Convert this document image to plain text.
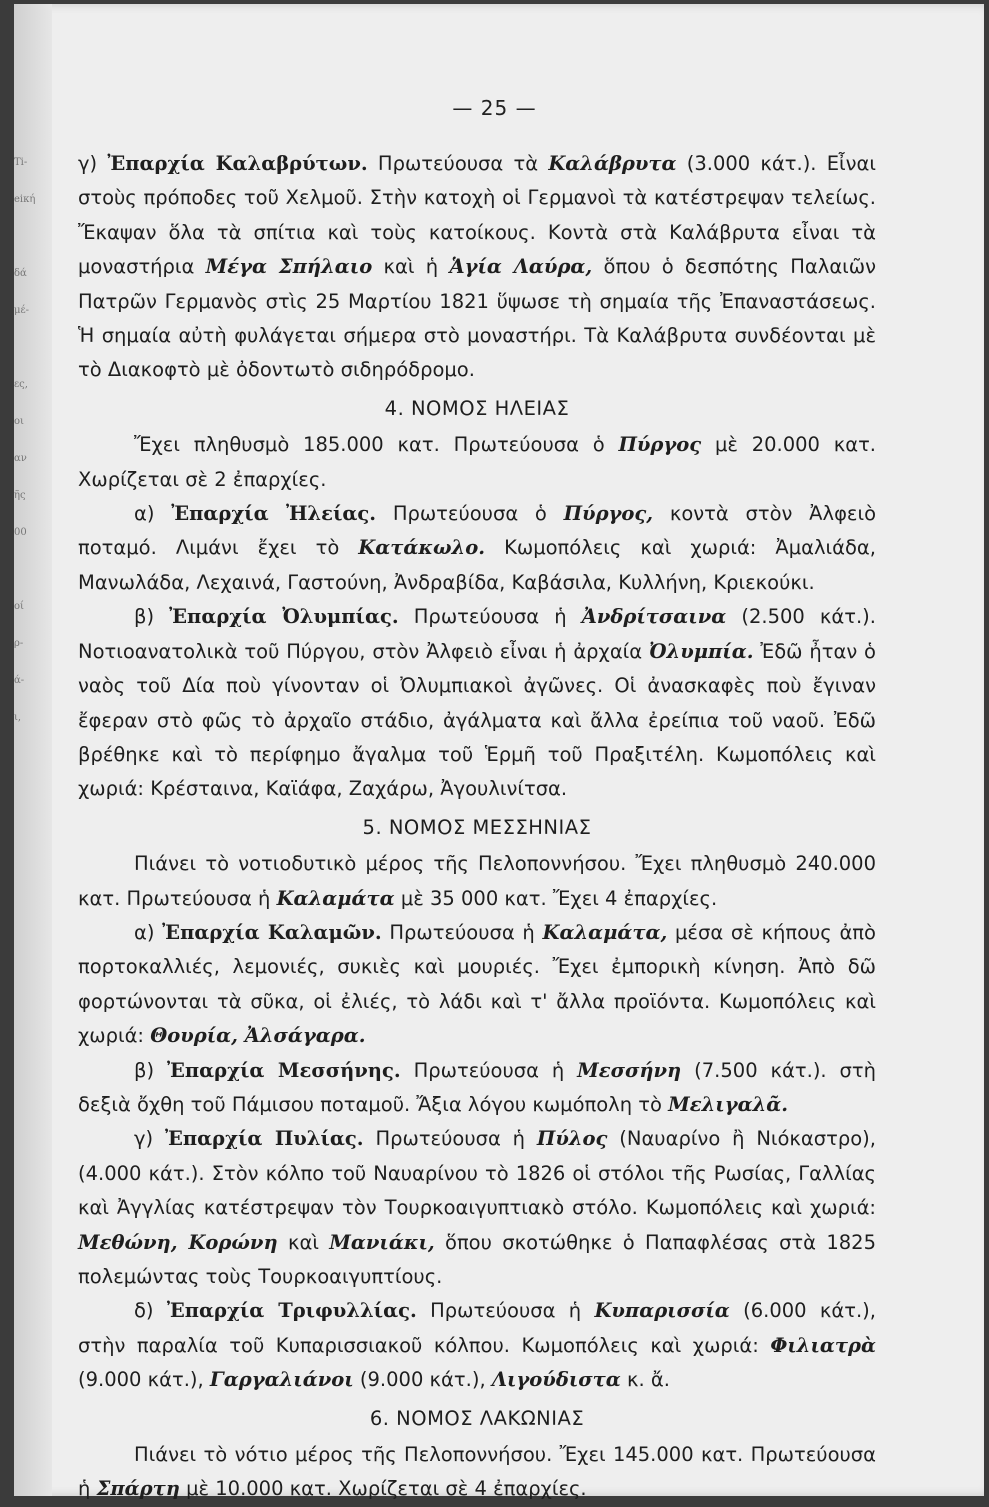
Ti-
eiκή

δά
μέ-

ες,
οι
αν
ῆς
00

οί
ρ-
ά-
ι,
— 25 —

γ) Ἐπαρχία Καλαβρύτων. Πρωτεύουσα τὰ Καλάβρυτα (3.000 κάτ.). Εἶναι στοὺς πρόποδες τοῦ Χελμοῦ. Στὴν κατοχὴ οἱ Γερμανοὶ τὰ κατέστρεψαν τελείως. Ἔκαψαν ὅλα τὰ σπίτια καὶ τοὺς κατοίκους. Κοντὰ στὰ Καλάβρυτα εἶναι τὰ μοναστήρια Μέγα Σπήλαιο καὶ ἡ Ἁγία Λαύρα, ὅπου ὁ δεσπότης Παλαιῶν Πατρῶν Γερμανὸς στὶς 25 Μαρτίου 1821 ὕψωσε τὴ σημαία τῆς Ἐπαναστάσεως. Ἡ σημαία αὐτὴ φυλάγεται σήμερα στὸ μοναστήρι. Τὰ Καλάβρυτα συνδέονται μὲ τὸ Διακοφτὸ μὲ ὀδοντωτὸ σιδηρόδρομο.

4. ΝΟΜΟΣ ΗΛΕΙΑΣ

Ἔχει πληθυσμὸ 185.000 κατ. Πρωτεύουσα ὁ Πύργος μὲ 20.000 κατ. Χωρίζεται σὲ 2 ἐπαρχίες.

α) Ἐπαρχία Ἠλείας. Πρωτεύουσα ὁ Πύργος, κοντὰ στὸν Ἀλφειὸ ποταμό. Λιμάνι ἔχει τὸ Κατάκωλο. Κωμοπόλεις καὶ χωριά: Ἀμαλιάδα, Μανωλάδα, Λεχαινά, Γαστούνη, Ἀνδραβίδα, Καβάσιλα, Κυλλήνη, Κριεκούκι.

β) Ἐπαρχία Ὀλυμπίας. Πρωτεύουσα ἡ Ἀνδρίτσαινα (2.500 κάτ.). Νοτιοανατολικὰ τοῦ Πύργου, στὸν Ἀλφειὸ εἶναι ἡ ἀρχαία Ὀλυμπία. Ἐδῶ ἦταν ὁ ναὸς τοῦ Δία ποὺ γίνονταν οἱ Ὀλυμπιακοὶ ἀγῶνες. Οἱ ἀνασκαφὲς ποὺ ἔγιναν ἔφεραν στὸ φῶς τὸ ἀρχαῖο στάδιο, ἀγάλματα καὶ ἄλλα ἐρείπια τοῦ ναοῦ. Ἐδῶ βρέθηκε καὶ τὸ περίφημο ἄγαλμα τοῦ Ἑρμῆ τοῦ Πραξιτέλη. Κωμοπόλεις καὶ χωριά: Κρέσταινα, Καϊάφα, Ζαχάρω, Ἀγουλινίτσα.

5. ΝΟΜΟΣ ΜΕΣΣΗΝΙΑΣ

Πιάνει τὸ νοτιοδυτικὸ μέρος τῆς Πελοποννήσου. Ἔχει πληθυσμὸ 240.000 κατ. Πρωτεύουσα ἡ Καλαμάτα μὲ 35 000 κατ. Ἔχει 4 ἐπαρχίες.

α) Ἐπαρχία Καλαμῶν. Πρωτεύουσα ἡ Καλαμάτα, μέσα σὲ κήπους ἀπὸ πορτοκαλλιές, λεμονιές, συκιὲς καὶ μουριές. Ἔχει ἐμπορικὴ κίνηση. Ἀπὸ δῶ φορτώνονται τὰ σῦκα, οἱ ἐλιές, τὸ λάδι καὶ τ' ἄλλα προϊόντα. Κωμοπόλεις καὶ χωριά: Θουρία, Ἀλσάγαρα.

β) Ἐπαρχία Μεσσήνης. Πρωτεύουσα ἡ Μεσσήνη (7.500 κάτ.). στὴ δεξιὰ ὄχθη τοῦ Πάμισου ποταμοῦ. Ἄξια λόγου κωμόπολη τὸ Μελιγαλᾶ.

γ) Ἐπαρχία Πυλίας. Πρωτεύουσα ἡ Πύλος (Ναυαρίνο ἢ Νιόκαστρο), (4.000 κάτ.). Στὸν κόλπο τοῦ Ναυαρίνου τὸ 1826 οἱ στόλοι τῆς Ρωσίας, Γαλλίας καὶ Ἀγγλίας κατέστρεψαν τὸν Τουρκοαιγυπτιακὸ στόλο. Κωμοπόλεις καὶ χωριά: Μεθώνη, Κορώνη καὶ Μανιάκι, ὅπου σκοτώθηκε ὁ Παπαφλέσας στὰ 1825 πολεμώντας τοὺς Τουρκοαιγυπτίους.

δ) Ἐπαρχία Τριφυλλίας. Πρωτεύουσα ἡ Κυπαρισσία (6.000 κάτ.), στὴν παραλία τοῦ Κυπαρισσιακοῦ κόλπου. Κωμοπόλεις καὶ χωριά: Φιλιατρὰ (9.000 κάτ.), Γαργαλιάνοι (9.000 κάτ.), Λιγούδιστα κ. ἄ.

6. ΝΟΜΟΣ ΛΑΚΩΝΙΑΣ

Πιάνει τὸ νότιο μέρος τῆς Πελοποννήσου. Ἔχει 145.000 κατ. Πρωτεύουσα ἡ Σπάρτη μὲ 10.000 κατ. Χωρίζεται σὲ 4 ἐπαρχίες.
